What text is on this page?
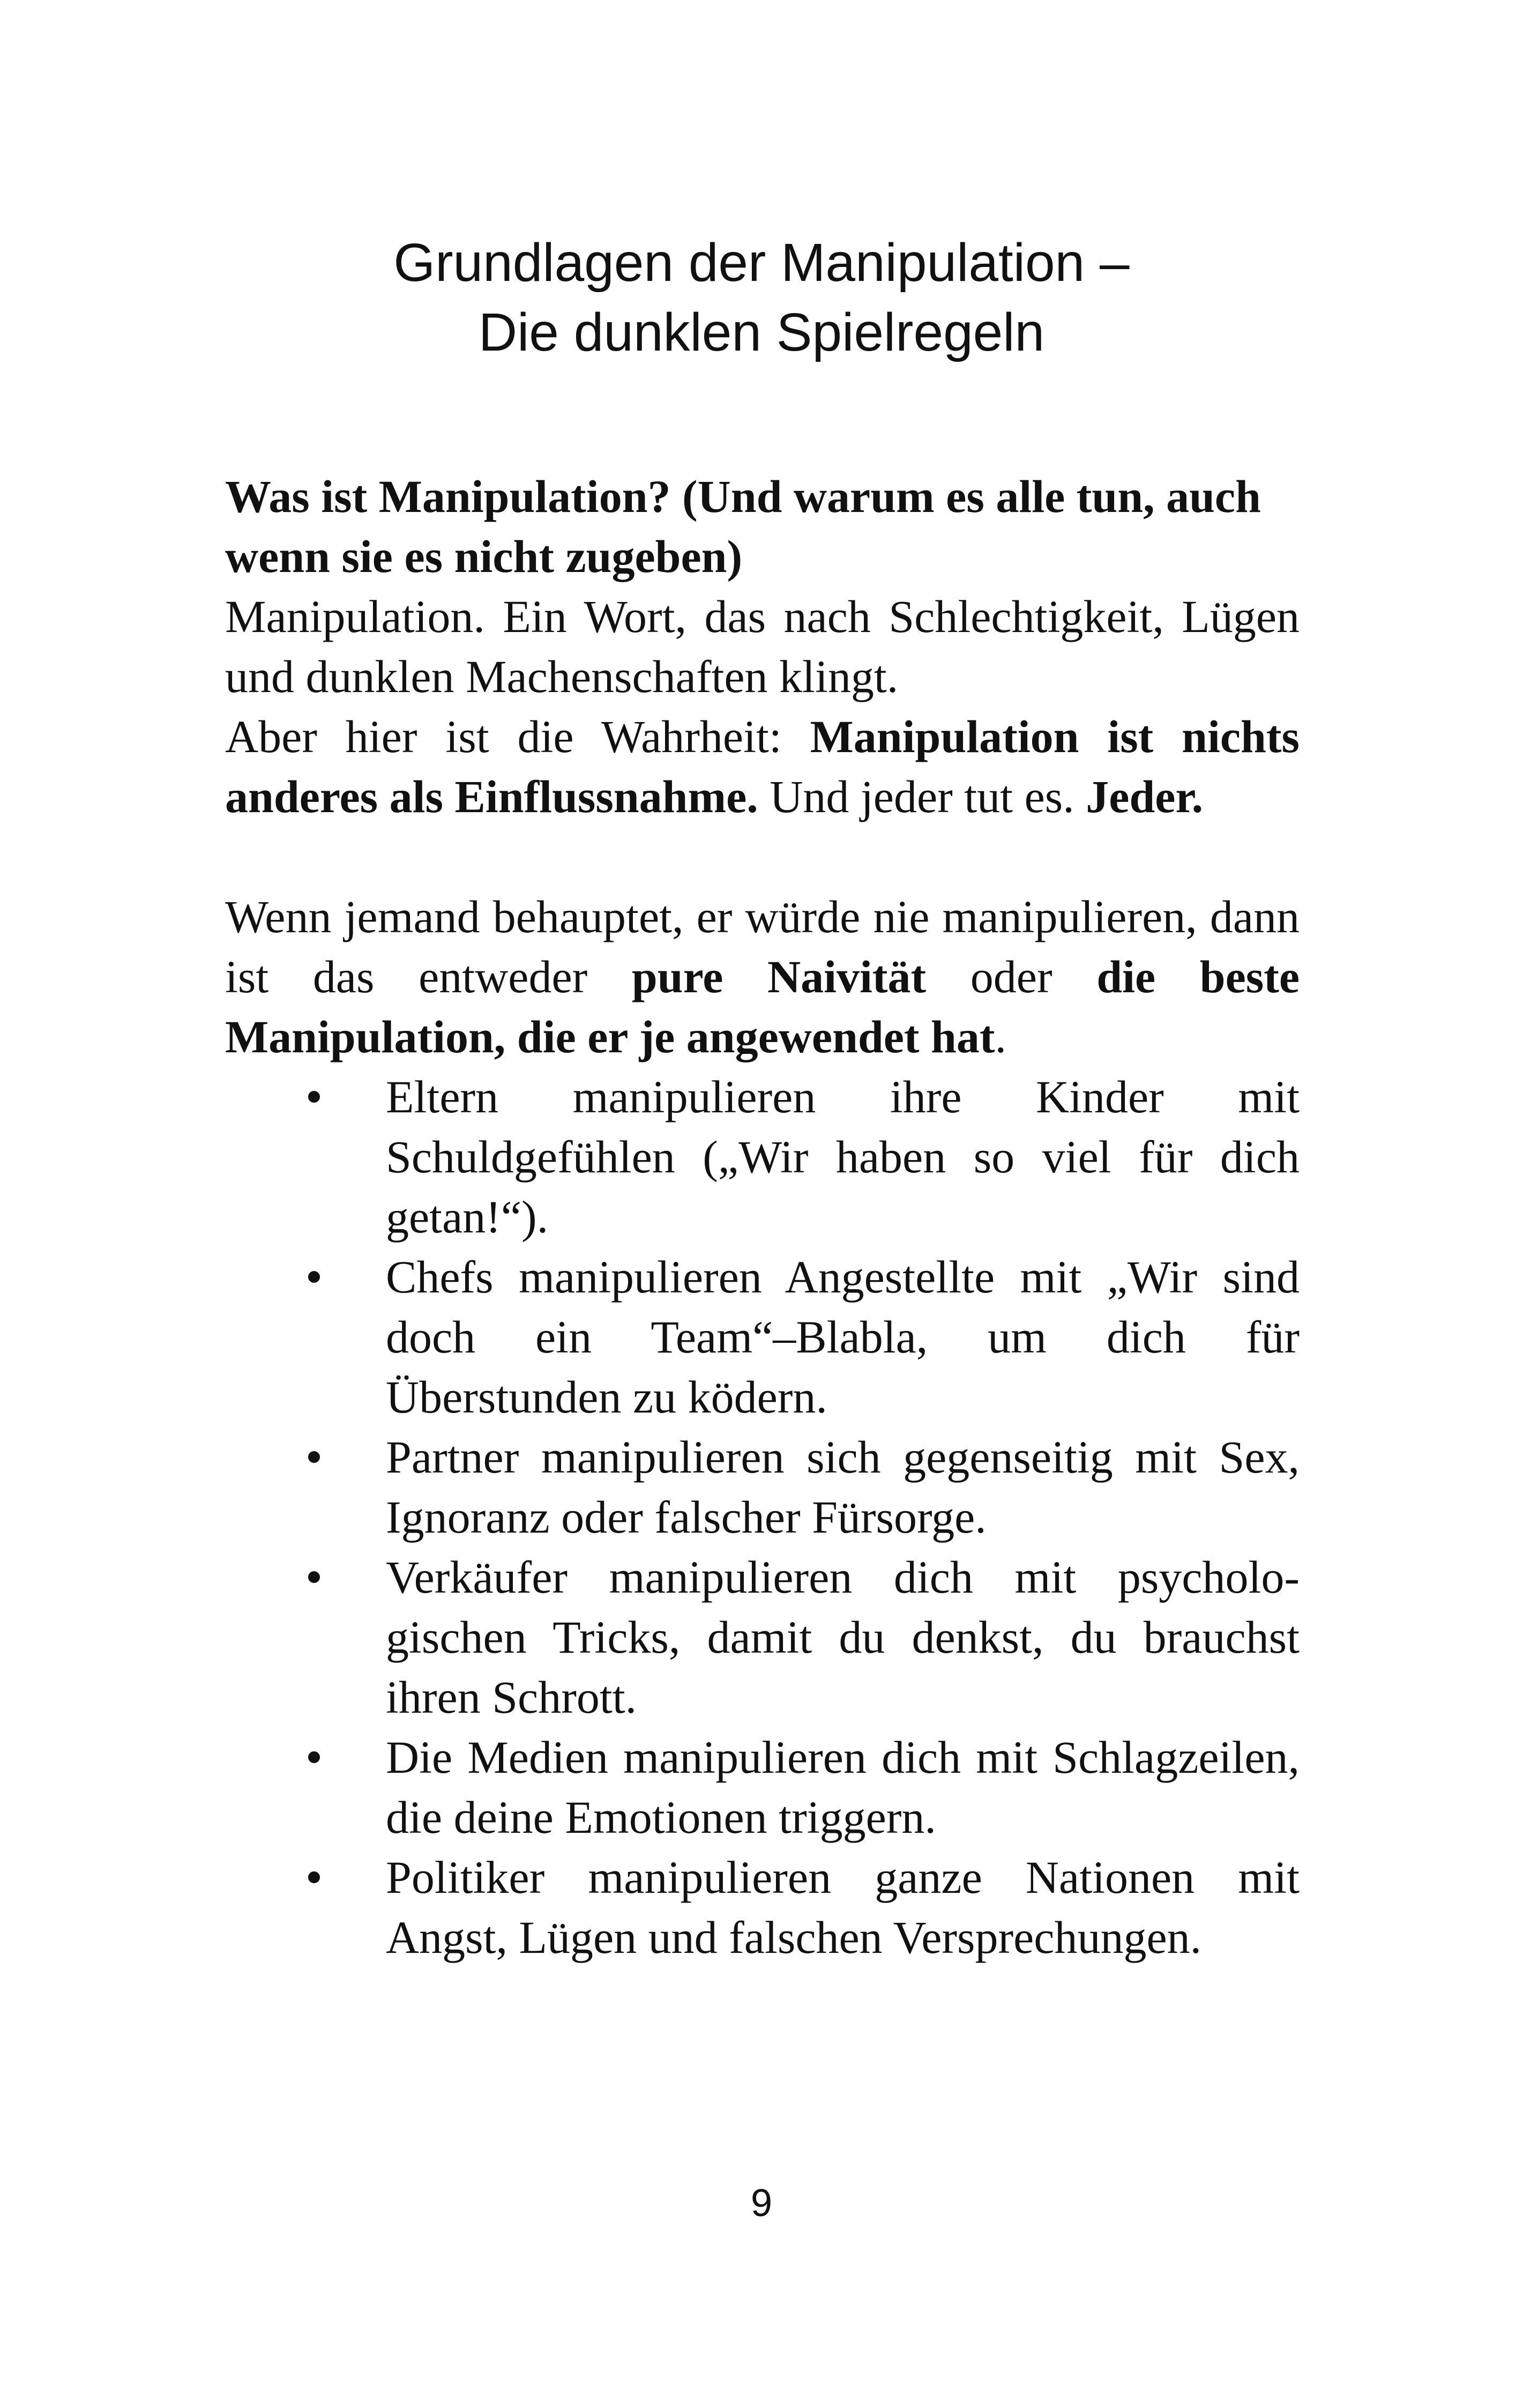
Grundlagen der Manipulation –
Die dunklen Spielregeln

Was ist Manipulation? (Und warum es alle tun, auch wenn sie es nicht zugeben)

Manipulation. Ein Wort, das nach Schlechtigkeit, Lügen und dunklen Machenschaften klingt.

Aber hier ist die Wahrheit: Manipulation ist nichts anderes als Einflussnahme. Und jeder tut es. Jeder.

Wenn jemand behauptet, er würde nie manipulieren, dann ist das entweder pure Naivität oder die beste Manipulation, die er je angewendet hat.

Eltern manipulieren ihre Kinder mit Schuldgefühlen („Wir haben so viel für dich getan!“).
Chefs manipulieren Angestellte mit „Wir sind doch ein Team“–Blabla, um dich für Überstunden zu ködern.
Partner manipulieren sich gegenseitig mit Sex, Ignoranz oder falscher Fürsorge.
Verkäufer manipulieren dich mit psychologischen Tricks, damit du denkst, du brauchst ihren Schrott.
Die Medien manipulieren dich mit Schlagzeilen, die deine Emotionen triggern.
Politiker manipulieren ganze Nationen mit Angst, Lügen und falschen Versprechungen.
9
